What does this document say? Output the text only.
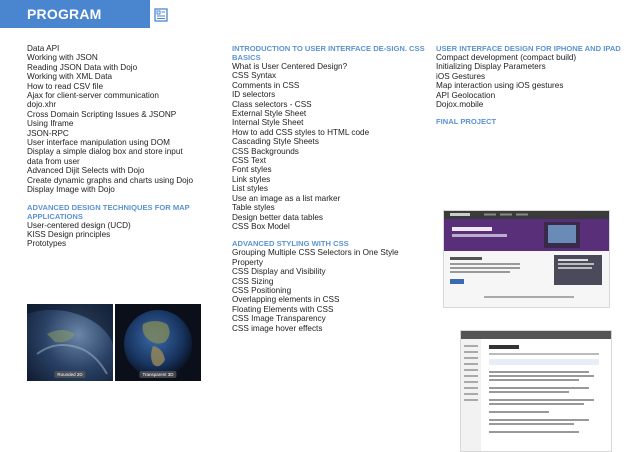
PROGRAM
Data API
Working with JSON
Reading JSON Data with Dojo
Working with XML Data
How to read CSV file
Ajax for client-server communication
dojo.xhr
Cross Domain Scripting Issues & JSONP
Using Iframe
JSON-RPC
User interface manipulation using DOM
Display a simple dialog box and store input
data from user
Advanced Dijit Selects with Dojo
Create dynamic graphs and charts using Dojo
Display Image with Dojo
ADVANCED DESIGN TECHNIQUES FOR MAP APPLICATIONS
User-centered design (UCD)
KISS Design principles
Prototypes
INTRODUCTION TO USER INTERFACE DE-SIGN. CSS BASICS
What is User Centered Design?
CSS Syntax
Comments in CSS
ID selectors
Class selectors - CSS
External Style Sheet
Internal Style Sheet
How to add CSS styles to HTML code
Cascading Style Sheets
CSS Backgrounds
CSS Text
Font styles
Link styles
List styles
Use an image as a list marker
Table styles
Design better data tables
CSS Box Model
ADVANCED STYLING WITH CSS
Grouping Multiple CSS Selectors in One Style
Property
CSS Display and Visibility
CSS Sizing
CSS Positioning
Overlapping elements in CSS
Floating Elements with CSS
CSS Image Transparency
CSS image hover effects
USER INTERFACE DESIGN FOR IPHONE AND IPAD
Compact development (compact build)
Initializing Display Parameters
iOS Gestures
Map interaction using iOS gestures
API Geolocation
Dojox.mobile
FINAL PROJECT
Rounded 2D	Transparent 3D
